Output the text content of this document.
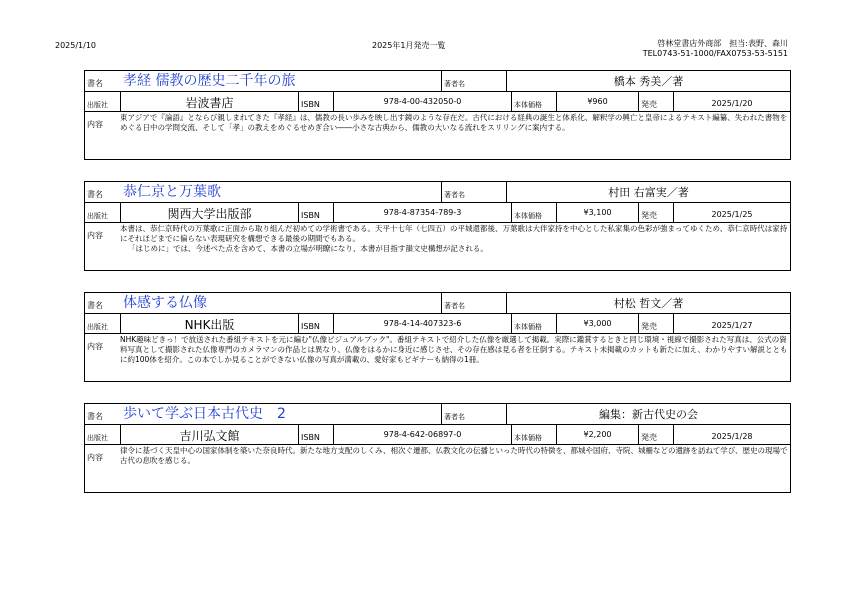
2025/1/10	2025年1月発売一覧	啓林堂書店外商部　担当:表野、森川
TEL0743-51-1000/FAX0753-53-5151
書名 孝経 儒教の歴史二千年の旅	著者名	橋本 秀美／著
出版社	岩波書店	ISBN	978-4-00-432050-0	本体価格	¥960	発売	2025/1/20
内容

東アジアで『論語』とならび親しまれてきた『孝経』は、儒教の長い歩みを映し出す鏡のような存在だ。古代における経典の誕生と体系化、解釈学の興亡と皇帝によるテキスト編纂、失われた書物をめぐる日中の学問交流、そして「孝」の教えをめぐるせめぎ合い――小さな古典から、儒教の大いなる流れをスリリングに案内する。

書名 恭仁京と万葉歌	著者名	村田 右富実／著
出版社	関西大学出版部	ISBN	978-4-87354-789-3	本体価格	¥3,100	発売	2025/1/25
内容

本書は、恭仁京時代の万葉歌に正面から取り組んだ初めての学術書である。天平十七年（七四五）の平城還都後、万葉歌は大伴家持を中心とした私家集の色彩が強まってゆくため、恭仁京時代は家持にそれほどまでに偏らない表現研究を構想できる最後の期間でもある。

「はじめに」では、今述べた点を含めて、本書の立場が明瞭になり、本書が目指す韻文史構想が記される。

書名 体感する仏像	著者名	村松 哲文／著
出版社	NHK出版	ISBN	978-4-14-407323-6	本体価格	¥3,000	発売	2025/1/27
内容

NHK趣味どきっ！で放送された番組テキストを元に編む"仏像ビジュアルブック"。番組テキストで紹介した仏像を厳選して掲載。実際に鑑賞するときと同じ環境・視線で撮影された写真は、公式の資料写真として撮影された仏像専門のカメラマンの作品とは異なり、仏像をはるかに身近に感じさせ、その存在感は見る者を圧倒する。テキスト未掲載のカットも新たに加え、わかりやすい解説とともに約100体を紹介。この本でしか見ることができない仏像の写真が満載の、愛好家もビギナーも納得の1冊。

書名 歩いて学ぶ日本古代史　2	著者名	編集：新古代史の会
出版社	吉川弘文館	ISBN	978-4-642-06897-0	本体価格	¥2,200	発売	2025/1/28
内容

律令に基づく天皇中心の国家体制を築いた奈良時代。新たな地方支配のしくみ、相次ぐ遷都、仏教文化の伝播といった時代の特徴を、都城や国府、寺院、城柵などの遺跡を訪ねて学び、歴史の現場で古代の息吹を感じる。
